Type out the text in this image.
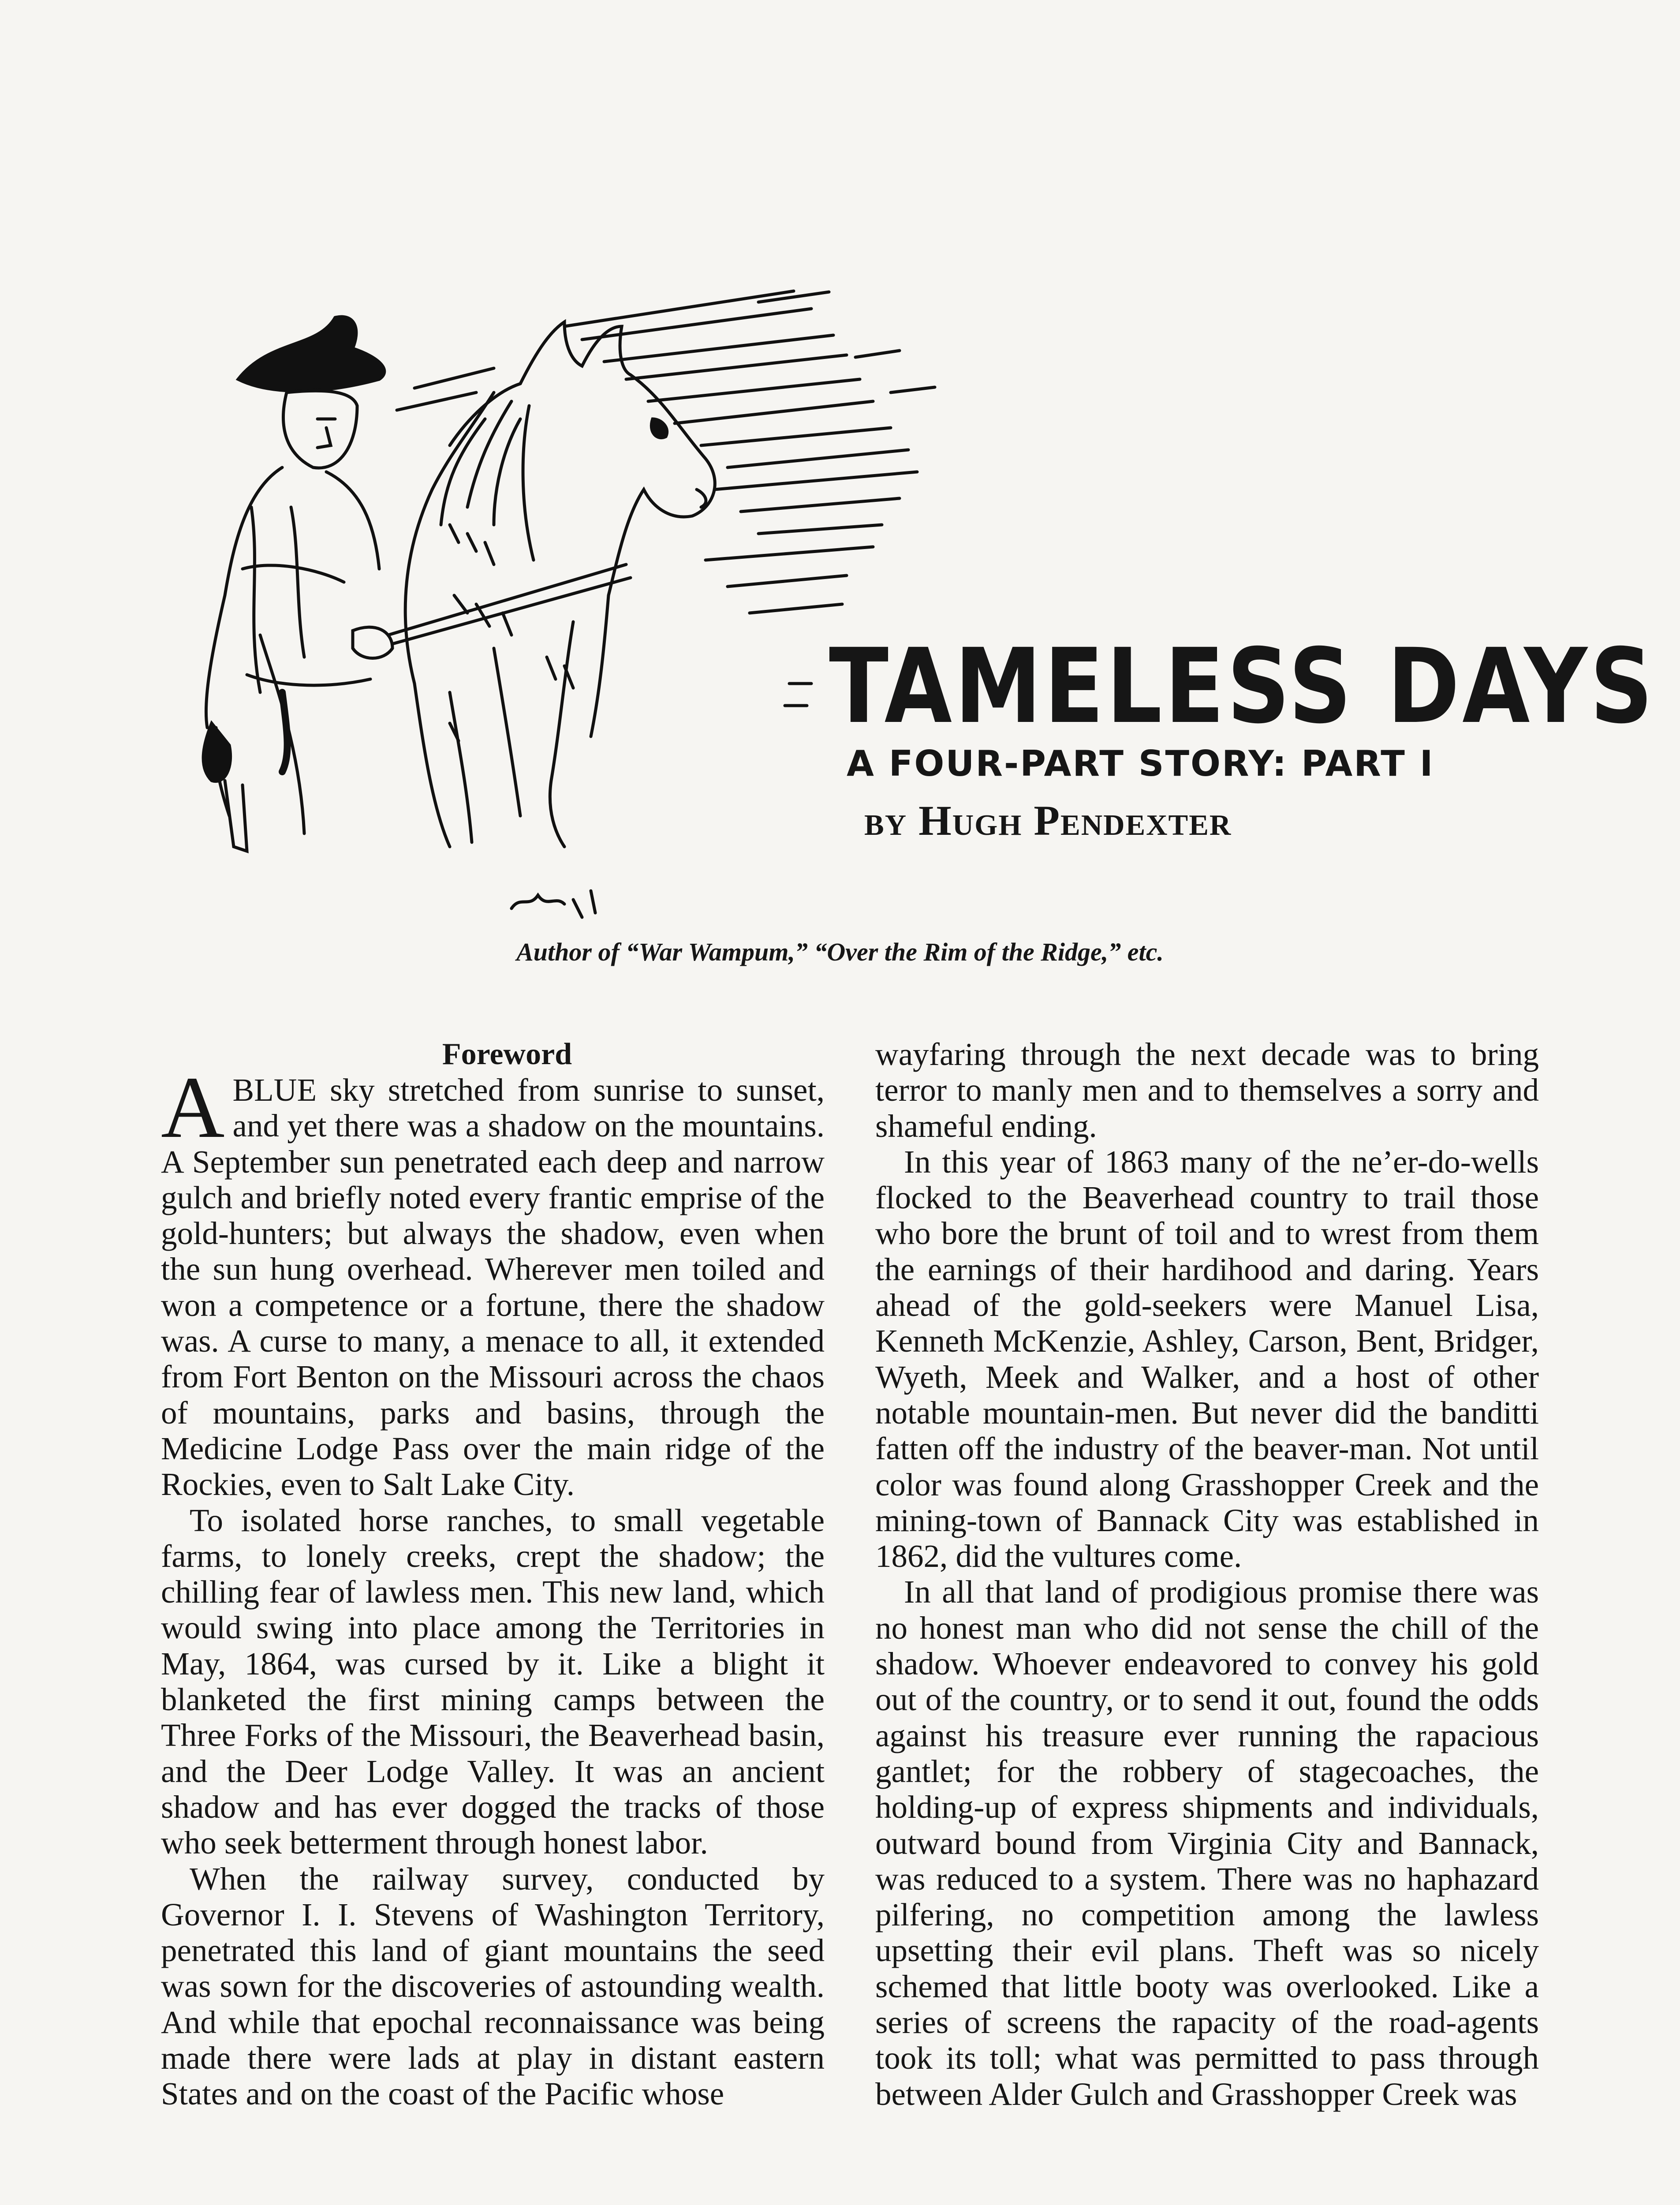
TAMELESS DAYS
A FOUR-PART STORY: PART I
by Hugh Pendexter
Author of “War Wampum,” “Over the Rim of the Ridge,” etc.

Foreword

ABLUE sky stretched from sunrise to sunset, and yet there was a shadow on the mountains. A September sun penetrated each deep and narrow gulch and briefly noted every frantic emprise of the gold-hunters; but always the shadow, even when the sun hung overhead. Wherever men toiled and won a competence or a fortune, there the shadow was. A curse to many, a menace to all, it extended from Fort Benton on the Missouri across the chaos of mountains, parks and basins, through the Medicine Lodge Pass over the main ridge of the Rockies, even to Salt Lake City.

To isolated horse ranches, to small vegetable farms, to lonely creeks, crept the shadow; the chilling fear of lawless men. This new land, which would swing into place among the Territories in May, 1864, was cursed by it. Like a blight it blanketed the first mining camps between the Three Forks of the Missouri, the Beaverhead basin, and the Deer Lodge Valley. It was an ancient shadow and has ever dogged the tracks of those who seek betterment through honest labor.

When the railway survey, conducted by Governor I. I. Stevens of Washington Territory, penetrated this land of giant mountains the seed was sown for the discoveries of astounding wealth. And while that epochal reconnaissance was being made there were lads at play in distant eastern States and on the coast of the Pacific whose

wayfaring through the next decade was to bring terror to manly men and to themselves a sorry and shameful ending.

In this year of 1863 many of the ne’er-do-wells flocked to the Beaverhead country to trail those who bore the brunt of toil and to wrest from them the earnings of their hardihood and daring. Years ahead of the gold-seekers were Manuel Lisa, Kenneth McKenzie, Ashley, Carson, Bent, Bridger, Wyeth, Meek and Walker, and a host of other notable mountain-men. But never did the banditti fatten off the industry of the beaver-man. Not until color was found along Grasshopper Creek and the mining-town of Bannack City was established in 1862, did the vultures come.

In all that land of prodigious promise there was no honest man who did not sense the chill of the shadow. Whoever endeavored to convey his gold out of the country, or to send it out, found the odds against his treasure ever running the rapacious gantlet; for the robbery of stagecoaches, the holding-up of express shipments and individuals, outward bound from Virginia City and Bannack, was reduced to a system. There was no haphazard pilfering, no competition among the lawless upsetting their evil plans. Theft was so nicely schemed that little booty was overlooked. Like a series of screens the rapacity of the road-agents took its toll; what was permitted to pass through between Alder Gulch and Grasshopper Creek was
